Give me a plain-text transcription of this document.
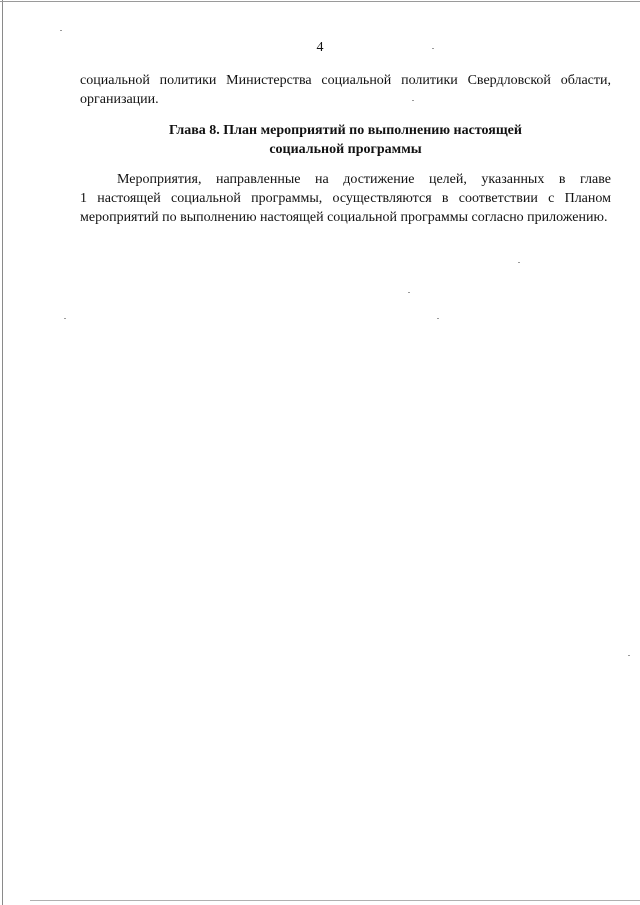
4

социальной политики Министерства социальной политики Свердловской области,
организации.

Глава 8. План мероприятий по выполнению настоящей
социальной программы

Мероприятия, направленные на достижение целей, указанных в главе
1 настоящей социальной программы, осуществляются в соответствии с Планом
мероприятий по выполнению настоящей социальной программы согласно приложению.
